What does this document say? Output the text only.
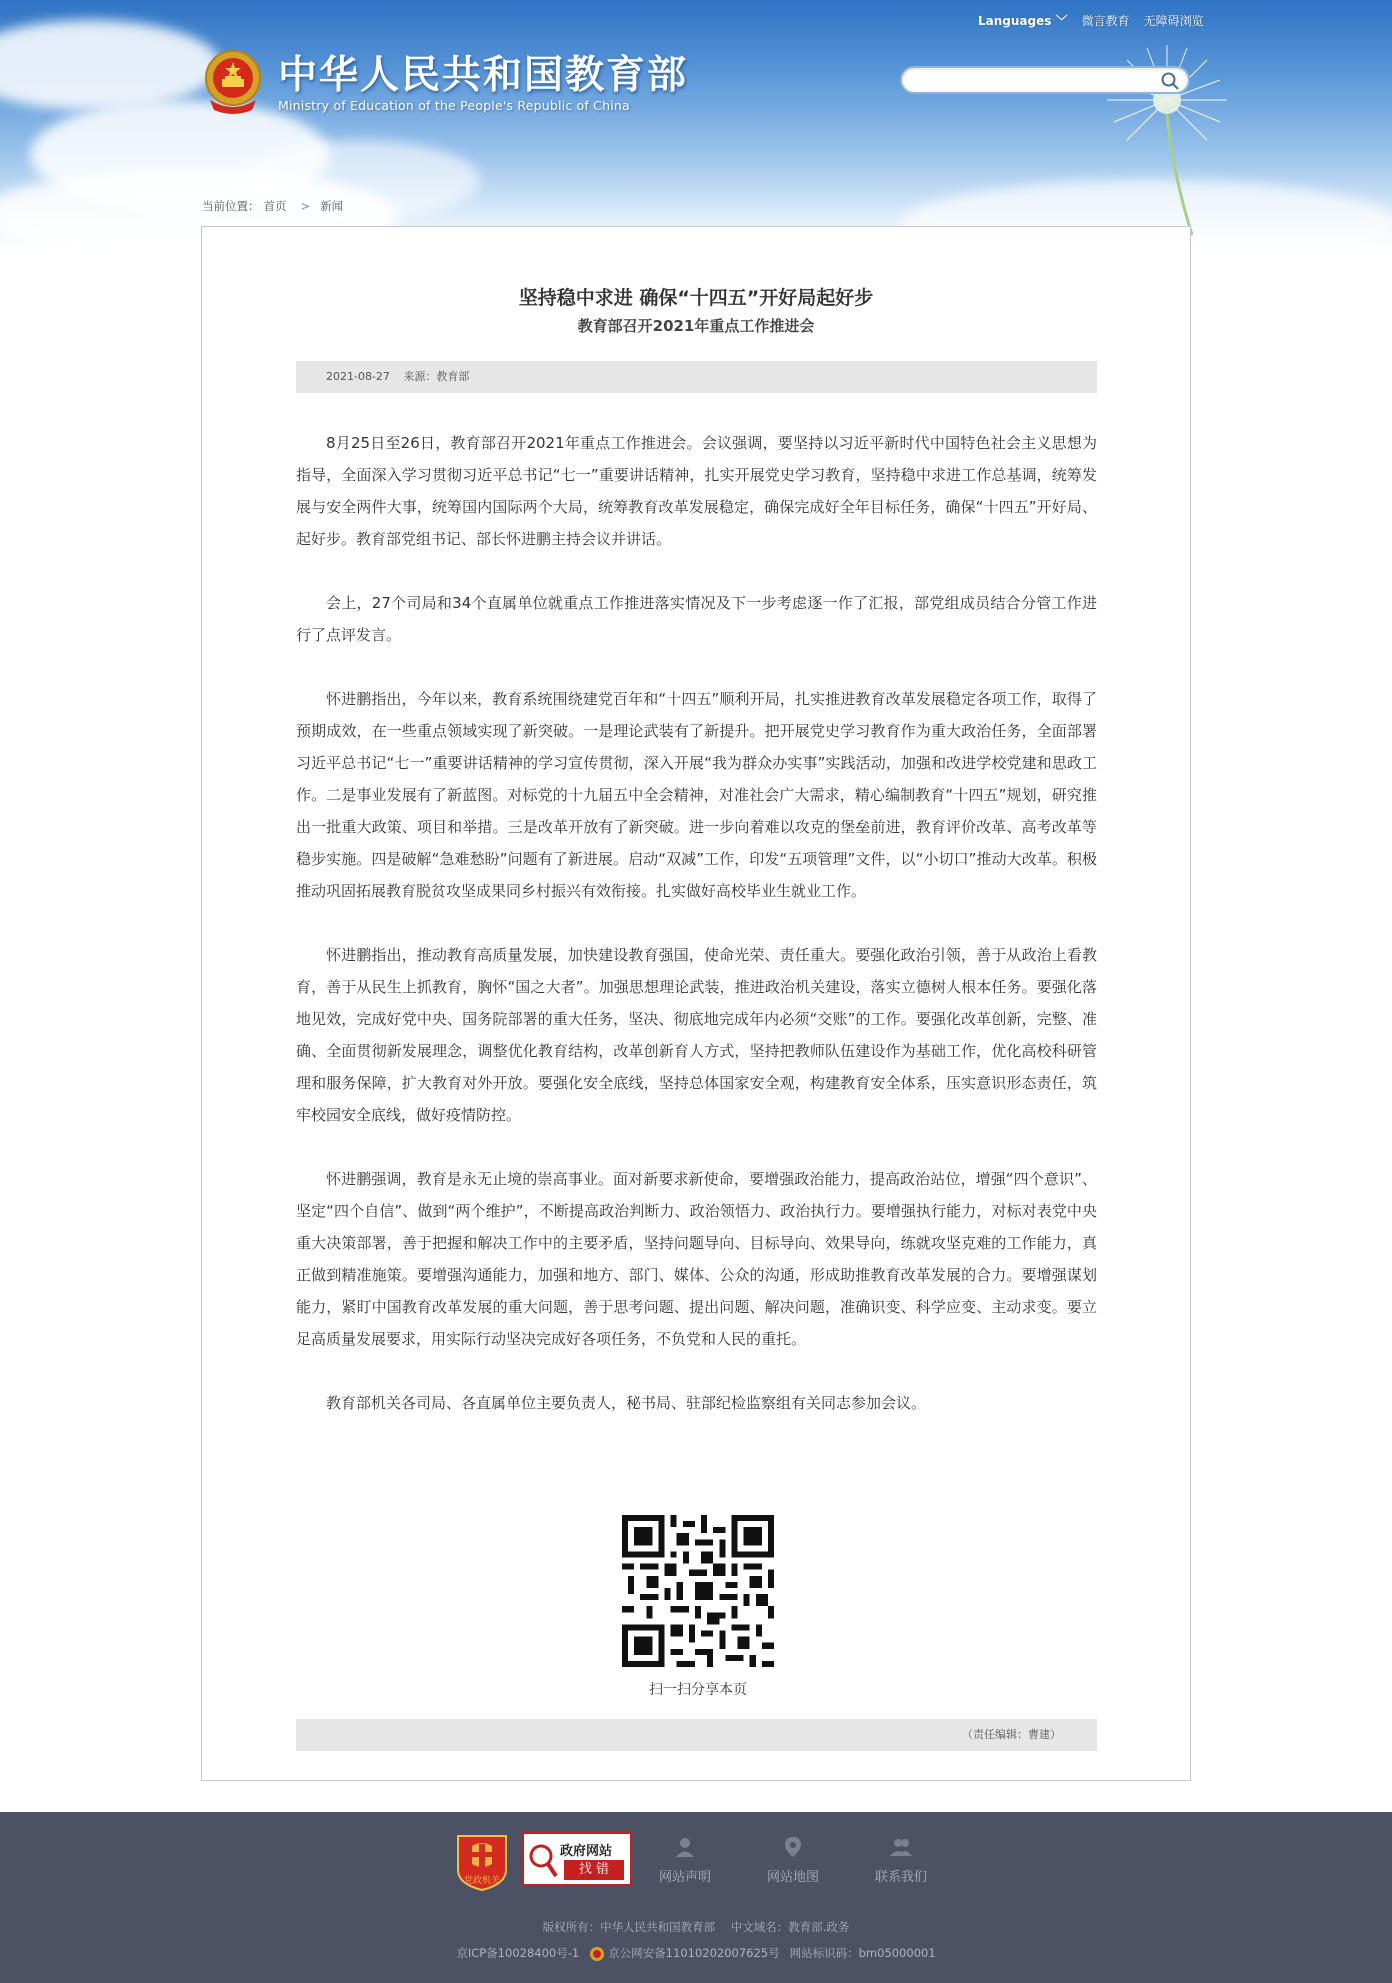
中华人民共和国教育部
Ministry of Education of the People's Republic of China
Languages ﹀ 微言教育 无障碍浏览
当前位置： 首页 > 新闻
坚持稳中求进 确保“十四五”开好局起好步
教育部召开2021年重点工作推进会
2021-08-27 来源：教育部

8月25日至26日，教育部召开2021年重点工作推进会。会议强调，要坚持以习近平新时代中国特色社会主义思想为指导，全面深入学习贯彻习近平总书记“七一”重要讲话精神，扎实开展党史学习教育，坚持稳中求进工作总基调，统筹发展与安全两件大事，统筹国内国际两个大局，统筹教育改革发展稳定，确保完成好全年目标任务，确保“十四五”开好局、起好步。教育部党组书记、部长怀进鹏主持会议并讲话。

会上，27个司局和34个直属单位就重点工作推进落实情况及下一步考虑逐一作了汇报，部党组成员结合分管工作进行了点评发言。

怀进鹏指出，今年以来，教育系统围绕建党百年和“十四五”顺利开局，扎实推进教育改革发展稳定各项工作，取得了预期成效，在一些重点领域实现了新突破。一是理论武装有了新提升。把开展党史学习教育作为重大政治任务，全面部署习近平总书记“七一”重要讲话精神的学习宣传贯彻，深入开展“我为群众办实事”实践活动，加强和改进学校党建和思政工作。二是事业发展有了新蓝图。对标党的十九届五中全会精神，对准社会广大需求，精心编制教育“十四五”规划，研究推出一批重大政策、项目和举措。三是改革开放有了新突破。进一步向着难以攻克的堡垒前进，教育评价改革、高考改革等稳步实施。四是破解“急难愁盼”问题有了新进展。启动“双减”工作，印发“五项管理”文件，以“小切口”推动大改革。积极推动巩固拓展教育脱贫攻坚成果同乡村振兴有效衔接。扎实做好高校毕业生就业工作。

怀进鹏指出，推动教育高质量发展，加快建设教育强国，使命光荣、责任重大。要强化政治引领，善于从政治上看教育，善于从民生上抓教育，胸怀“国之大者”。加强思想理论武装，推进政治机关建设，落实立德树人根本任务。要强化落地见效，完成好党中央、国务院部署的重大任务，坚决、彻底地完成年内必须“交账”的工作。要强化改革创新，完整、准确、全面贯彻新发展理念，调整优化教育结构，改革创新育人方式，坚持把教师队伍建设作为基础工作，优化高校科研管理和服务保障，扩大教育对外开放。要强化安全底线，坚持总体国家安全观，构建教育安全体系，压实意识形态责任，筑牢校园安全底线，做好疫情防控。

怀进鹏强调，教育是永无止境的崇高事业。面对新要求新使命，要增强政治能力，提高政治站位，增强“四个意识”、坚定“四个自信”、做到“两个维护”，不断提高政治判断力、政治领悟力、政治执行力。要增强执行能力，对标对表党中央重大决策部署，善于把握和解决工作中的主要矛盾，坚持问题导向、目标导向、效果导向，练就攻坚克难的工作能力，真正做到精准施策。要增强沟通能力，加强和地方、部门、媒体、公众的沟通，形成助推教育改革发展的合力。要增强谋划能力，紧盯中国教育改革发展的重大问题，善于思考问题、提出问题、解决问题，准确识变、科学应变、主动求变。要立足高质量发展要求，用实际行动坚决完成好各项任务，不负党和人民的重托。

教育部机关各司局、各直属单位主要负责人，秘书局、驻部纪检监察组有关同志参加会议。

扫一扫分享本页
（责任编辑：曹建）
党政机关
政府网站
找 错
网站声明	网站地图	联系我们
版权所有：中华人民共和国教育部 中文域名：教育部.政务
京ICP备10028400号-1	京公网安备11010202007625号 网站标识码：bm05000001
